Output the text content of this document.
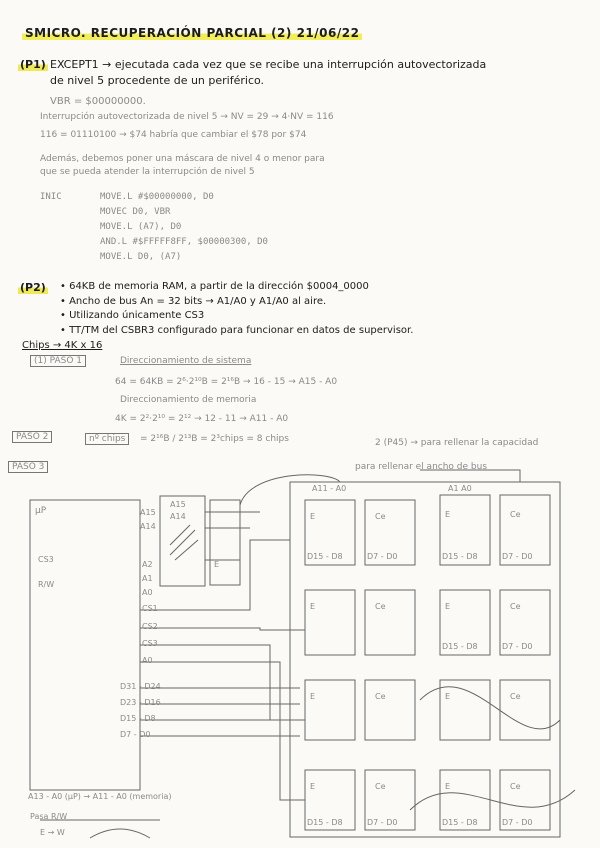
SMICRO. RECUPERACIÓN PARCIAL (2) 21/06/22
(P1) EXCEPT1 → ejecutada cada vez que se recibe una interrupción autovectorizada
de nivel 5 procedente de un periférico.
VBR = $00000000.
Interrupción autovectorizada de nivel 5 → NV = 29 → 4·NV = 116
116 = 01110100 → $74 habría que cambiar el $78 por $74
Además, debemos poner una máscara de nivel 4 o menor para
que se pueda atender la interrupción de nivel 5
INIC	MOVE.L #$00000000, D0
MOVEC D0, VBR
MOVE.L (A7), D0
AND.L #$FFFFF8FF, $00000300, D0
MOVE.L D0, (A7)
(P2) • 64KB de memoria RAM, a partir de la dirección $0004_0000
• Ancho de bus An = 32 bits → A1/A0 y A1/A0 al aire.
• Utilizando únicamente CS3
• TT/TM del CSBR3 configurado para funcionar en datos de supervisor.
Chips → 4K x 16
(1) PASO 1	Direccionamiento de sistema
64 = 64KB = 2⁶·2¹⁰B = 2¹⁶B → 16 - 15 → A15 - A0
Direccionamiento de memoria
4K = 2²·2¹⁰ = 2¹² → 12 - 11 → A11 - A0
PASO 2	nº chips	= 2¹⁶B / 2¹³B = 2³chips = 8 chips	2 (P45) → para rellenar la capacidad
para rellenar el ancho de bus
PASO 3
μP
CS3
R/W
A15
A14
A2
A1
A0
A15
A14
E
CS1
CS2
CS3
A0
D31 - D24
D23 - D16
D15 - D8
D7 - D0
A11 - A0	A1 A0
E	Ce
D15 - D8	D7 - D0
E	Ce
D15 - D8	D7 - D0
E	Ce	E	Ce
D15 - D8	D7 - D0
E	Ce	E	Ce
E	Ce	E	Ce
D15 - D8	D7 - D0	D15 - D8	D7 - D0
A13 - A0 (μP) → A11 - A0 (memoria)
Pasa R/W
E → W
